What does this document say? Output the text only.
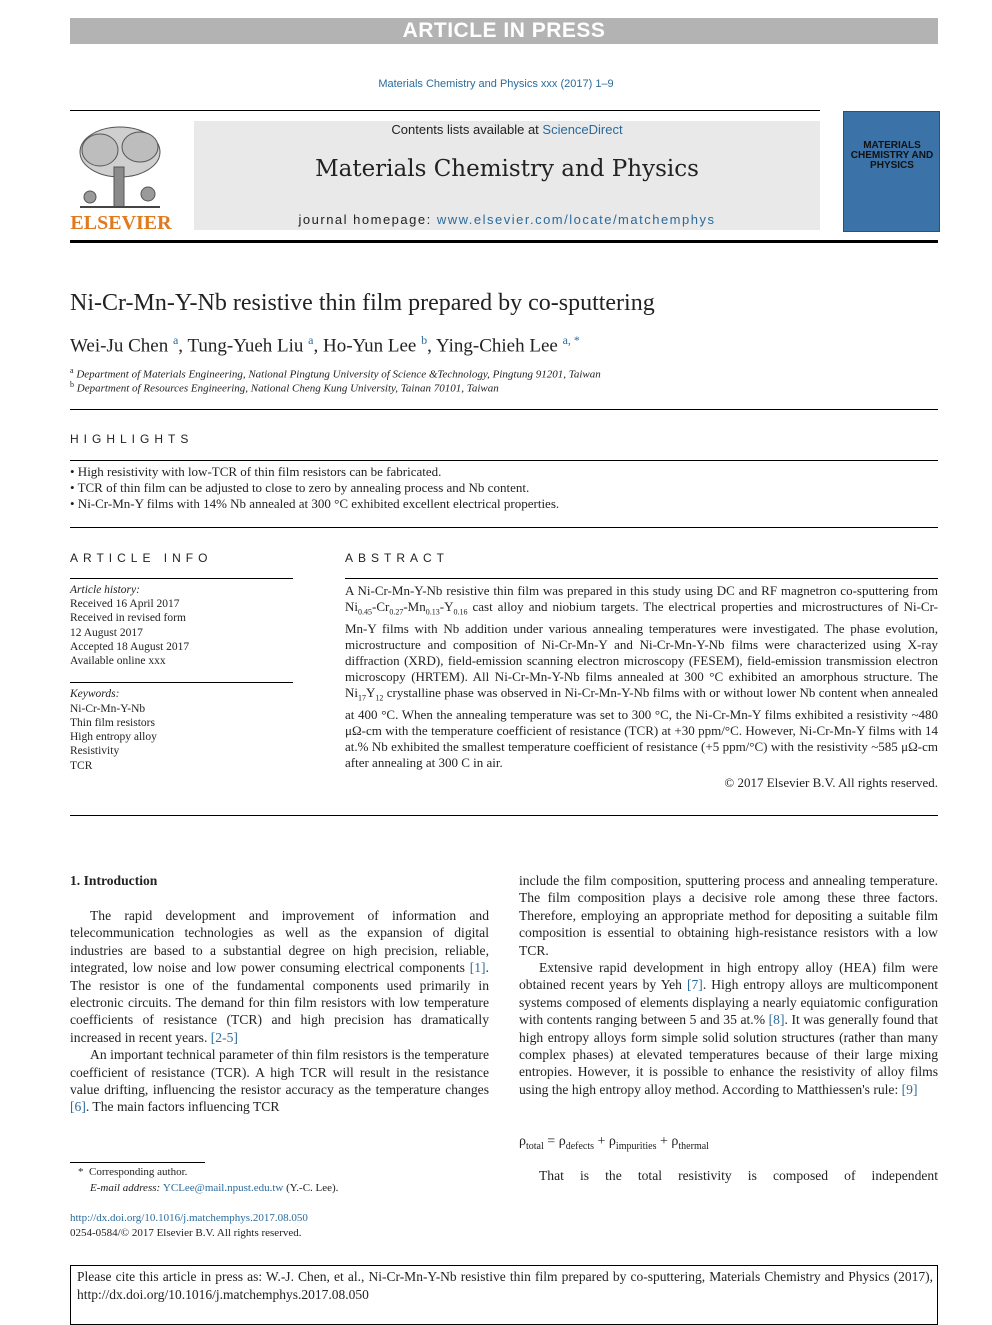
ARTICLE IN PRESS
Materials Chemistry and Physics xxx (2017) 1–9
ELSEVIER
Contents lists available at ScienceDirect
Materials Chemistry and Physics
journal homepage: www.elsevier.com/locate/matchemphys
MATERIALS CHEMISTRY AND PHYSICS
Ni-Cr-Mn-Y-Nb resistive thin film prepared by co-sputtering
Wei-Ju Chen $^a$, Tung-Yueh Liu $^a$, Ho-Yun Lee $^b$, Ying-Chieh Lee $^{a, *}$
$^a$ Department of Materials Engineering, National Pingtung University of Science &Technology, Pingtung 91201, Taiwan
$^b$ Department of Resources Engineering, National Cheng Kung University, Tainan 70101, Taiwan
HIGHLIGHTS
• High resistivity with low-TCR of thin film resistors can be fabricated.
• TCR of thin film can be adjusted to close to zero by annealing process and Nb content.
• Ni-Cr-Mn-Y films with 14% Nb annealed at 300 °C exhibited excellent electrical properties.
ARTICLE INFO
Article history:
Received 16 April 2017
Received in revised form
12 August 2017
Accepted 18 August 2017
Available online xxx
Keywords:
Ni-Cr-Mn-Y-Nb
Thin film resistors
High entropy alloy
Resistivity
TCR
ABSTRACT
A Ni-Cr-Mn-Y-Nb resistive thin film was prepared in this study using DC and RF magnetron co-sputtering from $Ni_{0.45}-Cr_{0.27}-Mn_{0.13}-Y_{0.16}$ cast alloy and niobium targets. The electrical properties and microstructures of Ni-Cr-Mn-Y films with Nb addition under various annealing temperatures were investigated. The phase evolution, microstructure and composition of Ni-Cr-Mn-Y and Ni-Cr-Mn-Y-Nb films were characterized using X-ray diffraction (XRD), field-emission scanning electron microscopy (FESEM), field-emission transmission electron microscopy (HRTEM). All Ni-Cr-Mn-Y-Nb films annealed at 300 °C exhibited an amorphous structure. The $Ni_{17}Y_{12}$ crystalline phase was observed in Ni-Cr-Mn-Y-Nb films with or without lower Nb content when annealed at 400 °C. When the annealing temperature was set to 300 °C, the Ni-Cr-Mn-Y films exhibited a resistivity ~480 μΩ-cm with the temperature coefficient of resistance (TCR) at +30 ppm/°C. However, Ni-Cr-Mn-Y films with 14 at.% Nb exhibited the smallest temperature coefficient of resistance (+5 ppm/°C) with the resistivity ~585 μΩ-cm after annealing at 300 C in air.
© 2017 Elsevier B.V. All rights reserved.
1. Introduction

The rapid development and improvement of information and telecommunication technologies as well as the expansion of digital industries are based to a substantial degree on high precision, reliable, integrated, low noise and low power consuming electrical components [1]. The resistor is one of the fundamental components used primarily in electronic circuits. The demand for thin film resistors with low temperature coefficients of resistance (TCR) and high precision has dramatically increased in recent years. [2-5]

An important technical parameter of thin film resistors is the temperature coefficient of resistance (TCR). A high TCR will result in the resistance value drifting, influencing the resistor accuracy as the temperature changes [6]. The main factors influencing TCR

include the film composition, sputtering process and annealing temperature. The film composition plays a decisive role among these three factors. Therefore, employing an appropriate method for depositing a suitable film composition is essential to obtaining high-resistance resistors with a low TCR.

Extensive rapid development in high entropy alloy (HEA) film were obtained recent years by Yeh [7]. High entropy alloys are multicomponent systems composed of elements displaying a nearly equiatomic configuration with contents ranging between 5 and 35 at.% [8]. It was generally found that high entropy alloys form simple solid solution structures (rather than many complex phases) at elevated temperatures because of their large mixing entropies. However, it is possible to enhance the resistivity of alloy films using the high entropy alloy method. According to Matthiessen's rule: [9]

$\rho_{total} = \rho_{defects} + \rho_{impurities} + \rho_{thermal}$

That is the total resistivity is composed of independent

* Corresponding author.
E-mail address: YCLee@mail.npust.edu.tw (Y.-C. Lee).
http://dx.doi.org/10.1016/j.matchemphys.2017.08.050
0254-0584/© 2017 Elsevier B.V. All rights reserved.
Please cite this article in press as: W.-J. Chen, et al., Ni-Cr-Mn-Y-Nb resistive thin film prepared by co-sputtering, Materials Chemistry and Physics (2017), http://dx.doi.org/10.1016/j.matchemphys.2017.08.050
